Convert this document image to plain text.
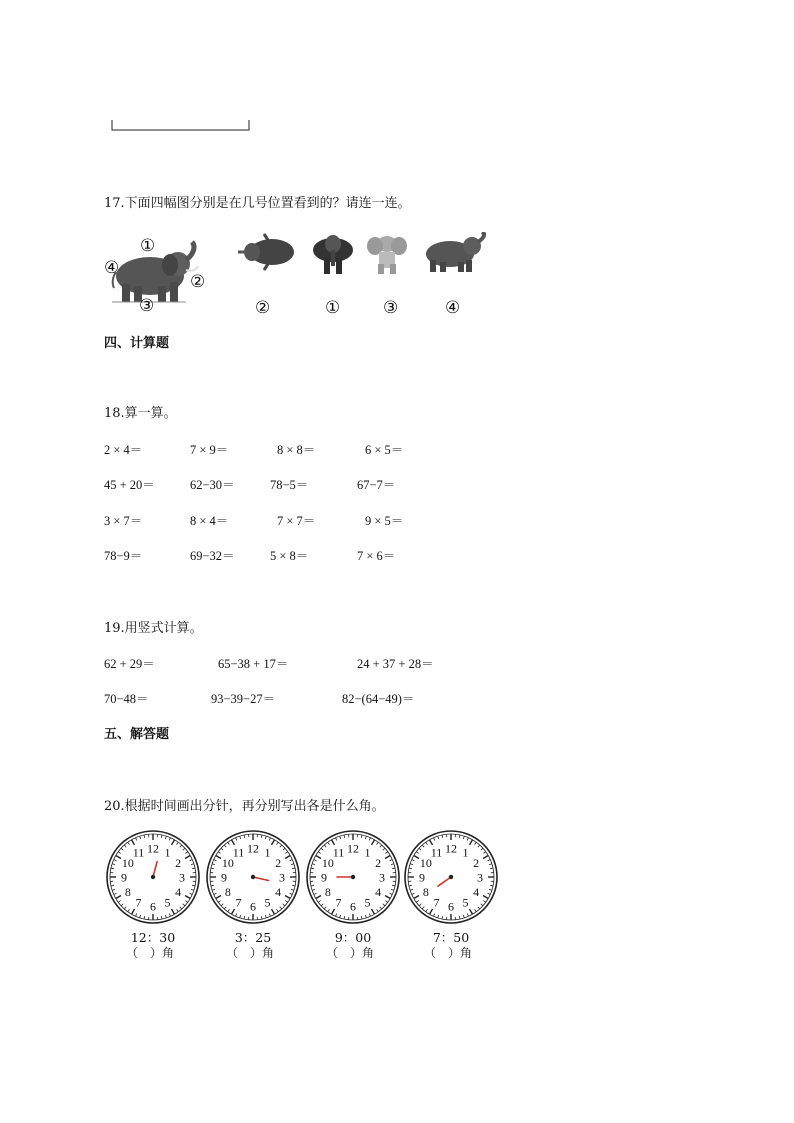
17.下面四幅图分别是在几号位置看到的？请连一连。
①
②
③
④
②	①	③	④
四、计算题
18.算一算。
2 × 4＝	7 × 9＝	8 × 8＝	6 × 5＝
45 + 20＝	62−30＝	78−5＝	67−7＝
3 × 7＝	8 × 4＝	7 × 7＝	9 × 5＝
78−9＝	69−32＝	5 × 8＝	7 × 6＝
19.用竖式计算。
62 + 29＝	65−38 + 17＝	24 + 37 + 28＝
70−48＝	93−39−27＝	82−(64−49)＝
五、解答题
20.根据时间画出分针，再分别写出各是什么角。
12 1
2
3
4
5
6
7
8
9
10
11
12：30
（　）角
12 1
2
3
4
5
6
7
8
9
10
11
3：25
（　）角
12 1
2
3
4
5
6
7
8
9
10
11
9：00
（　）角
12 1
2
3
4
5
6
7
8
9
10
11
7：50
（　）角
